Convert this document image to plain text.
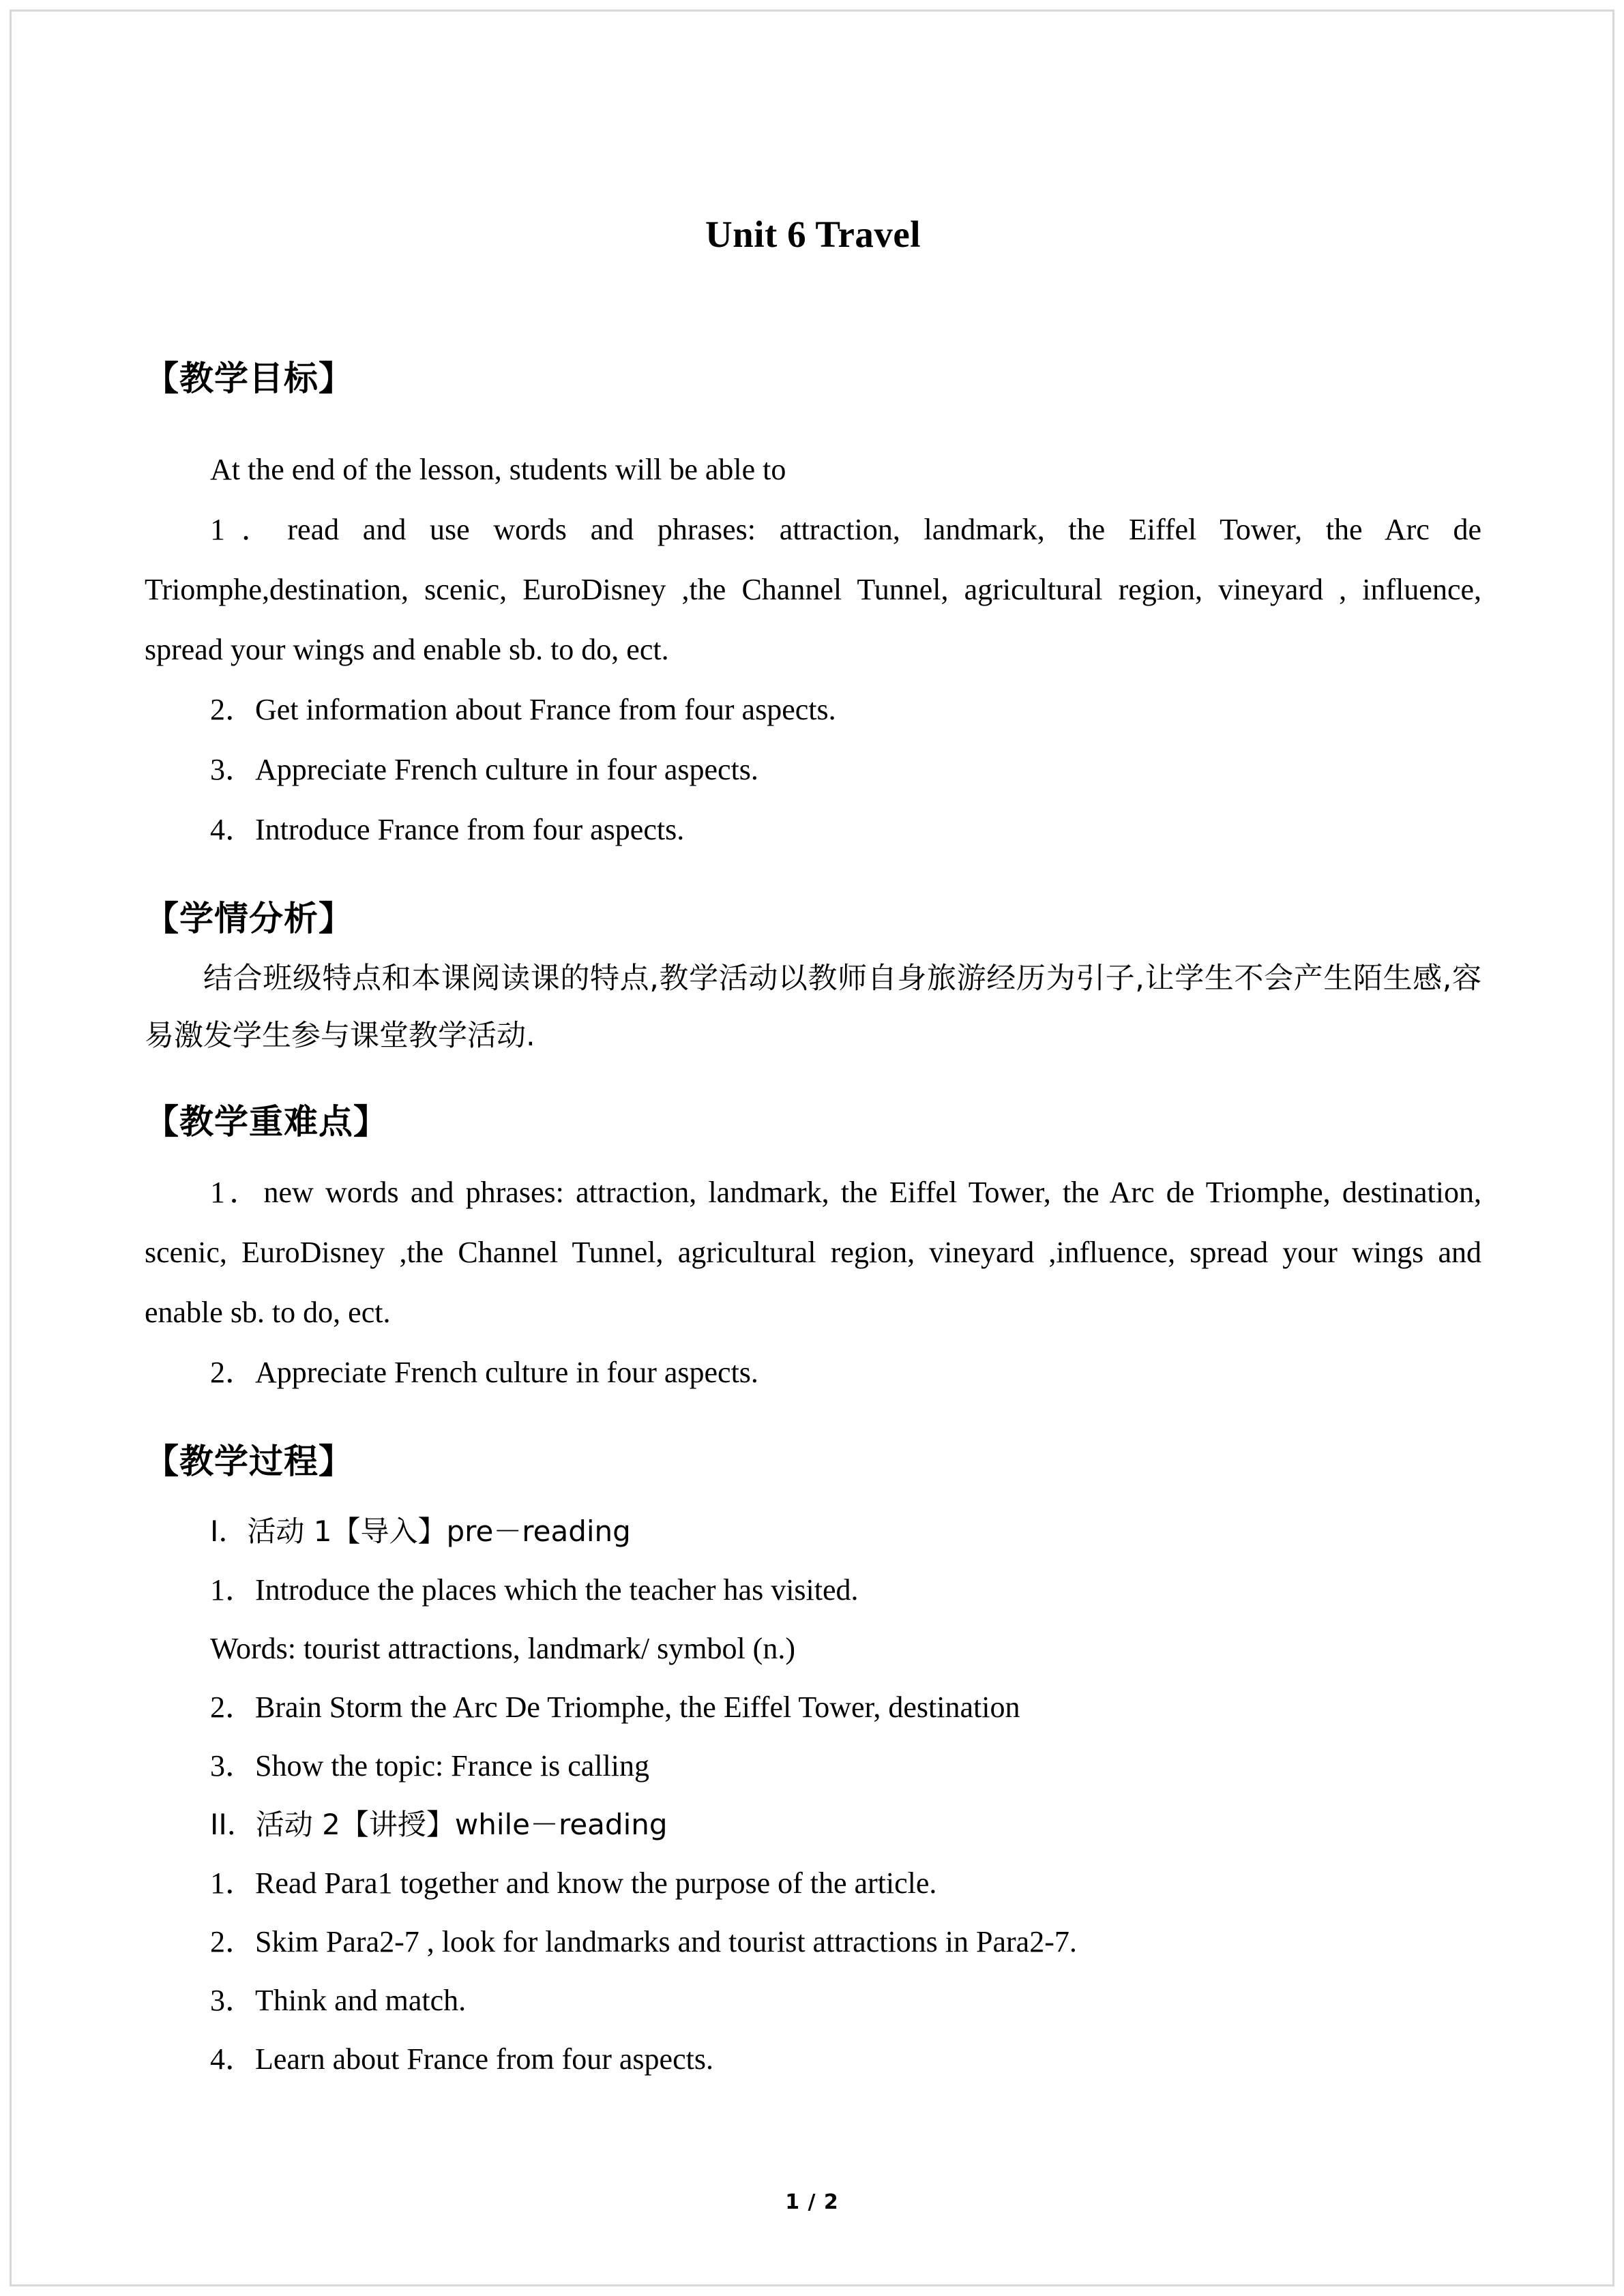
Unit 6 Travel

【教学目标】

At the end of the lesson, students will be able to

1．read and use words and phrases: attraction, landmark, the Eiffel Tower, the Arc de Triomphe,destination, scenic, EuroDisney ,the Channel Tunnel, agricultural region, vineyard , influence, spread your wings and enable sb. to do, ect.

2．Get information about France from four aspects.

3．Appreciate French culture in four aspects.

4．Introduce France from four aspects.

【学情分析】

结合班级特点和本课阅读课的特点,教学活动以教师自身旅游经历为引子,让学生不会产生陌生感,容易激发学生参与课堂教学活动.

【教学重难点】

1．new words and phrases: attraction, landmark, the Eiffel Tower, the Arc de Triomphe, destination, scenic, EuroDisney ,the Channel Tunnel, agricultural region, vineyard ,influence, spread your wings and enable sb. to do, ect.

2．Appreciate French culture in four aspects.

【教学过程】

I．活动 1【导入】pre－reading

1．Introduce the places which the teacher has visited.

Words: tourist attractions, landmark/ symbol (n.)

2．Brain Storm the Arc De Triomphe, the Eiffel Tower, destination

3．Show the topic: France is calling

II．活动 2【讲授】while－reading

1．Read Para1 together and know the purpose of the article.

2．Skim Para2-7 , look for landmarks and tourist attractions in Para2-7.

3．Think and match.

4．Learn about France from four aspects.

1 / 2
